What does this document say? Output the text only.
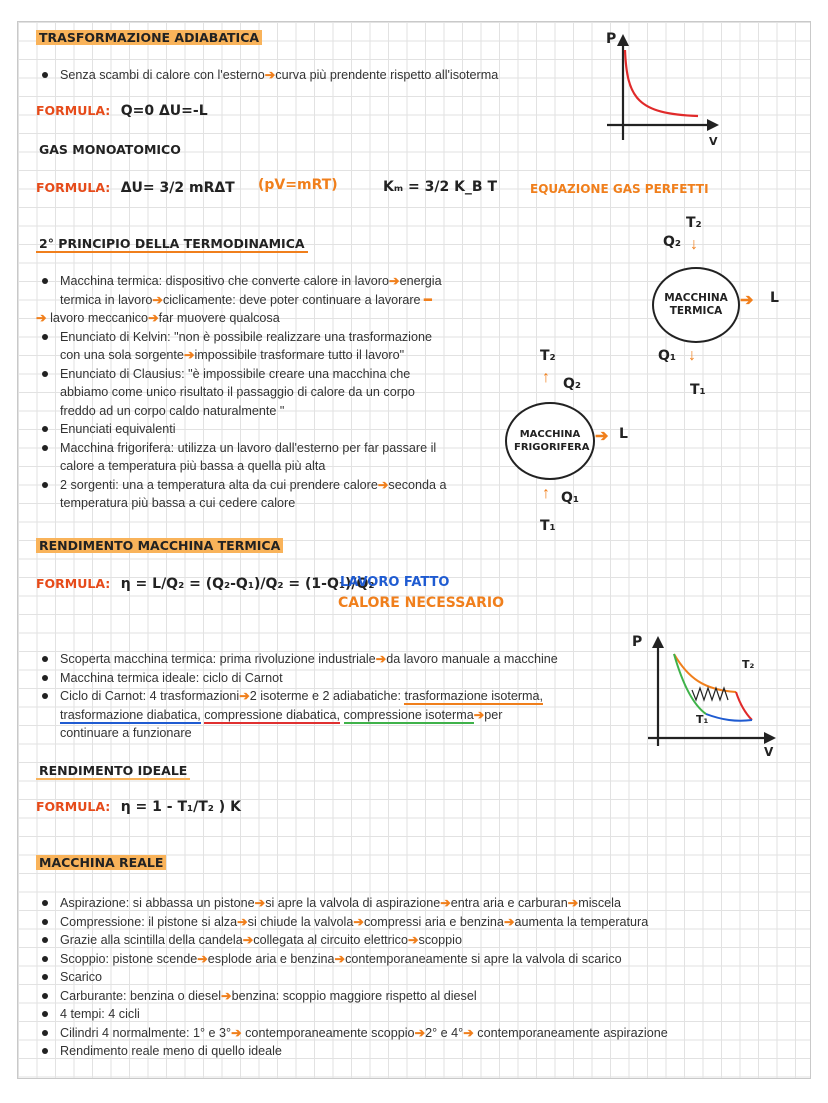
TRASFORMAZIONE ADIABATICA
Senza scambi di calore con l'esterno➔curva più prendente rispetto all'isoterma
FORMULA: Q=0 ΔU=-L
P
V
GAS MONOATOMICO
FORMULA: ΔU= 3/2 mRΔT (pV=mRT)	Kₘ = 3/2 K_B T	EQUAZIONE GAS PERFETTI
2° PRINCIPIO DELLA TERMODINAMICA
Macchina termica: dispositivo che converte calore in lavoro➔energia
termica in lavoro➔ciclicamente: deve poter continuare a lavorare ━
➔ lavoro meccanico➔far muovere qualcosa
Enunciato di Kelvin: "non è possibile realizzare una trasformazione
con una sola sorgente➔impossibile trasformare tutto il lavoro"
Enunciato di Clausius: "è impossibile creare una macchina che
abbiamo come unico risultato il passaggio di calore da un corpo
freddo ad un corpo caldo naturalmente "
Enunciati equivalenti
Macchina frigorifera: utilizza un lavoro dall'esterno per far passare il
calore a temperatura più bassa a quella più alta
2 sorgenti: una a temperatura alta da cui prendere calore➔seconda a
temperatura più bassa a cui cedere calore
T₂
Q₂ ↓
MACCHINA TERMICA
➔ L
Q₁ ↓
T₁
T₂
↑ Q₂
MACCHINA FRIGORIFERA
➔ L
↑ Q₁
T₁
RENDIMENTO MACCHINA TERMICA
FORMULA: η = L/Q₂ = (Q₂-Q₁)/Q₂ = (1-Q₁)/Q₂
LAVORO FATTO
CALORE NECESSARIO
Scoperta macchina termica: prima rivoluzione industriale➔da lavoro manuale a macchine
Macchina termica ideale: ciclo di Carnot
Ciclo di Carnot: 4 trasformazioni➔2 isoterme e 2 adiabatiche: trasformazione isoterma,
trasformazione diabatica, compressione diabatica, compressione isoterma➔per
continuare a funzionare
P
V
T₂
T₁
RENDIMENTO IDEALE
FORMULA: η = 1 - T₁/T₂ ) K
MACCHINA REALE
Aspirazione: si abbassa un pistone➔si apre la valvola di aspirazione➔entra aria e carburan➔miscela
Compressione: il pistone si alza➔si chiude la valvola➔compressi aria e benzina➔aumenta la temperatura
Grazie alla scintilla della candela➔collegata al circuito elettrico➔scoppio
Scoppio: pistone scende➔esplode aria e benzina➔contemporaneamente si apre la valvola di scarico
Scarico
Carburante: benzina o diesel➔benzina: scoppio maggiore rispetto al diesel
4 tempi: 4 cicli
Cilindri 4 normalmente: 1° e 3°➔ contemporaneamente scoppio➔2° e 4°➔ contemporaneamente aspirazione
Rendimento reale meno di quello ideale
